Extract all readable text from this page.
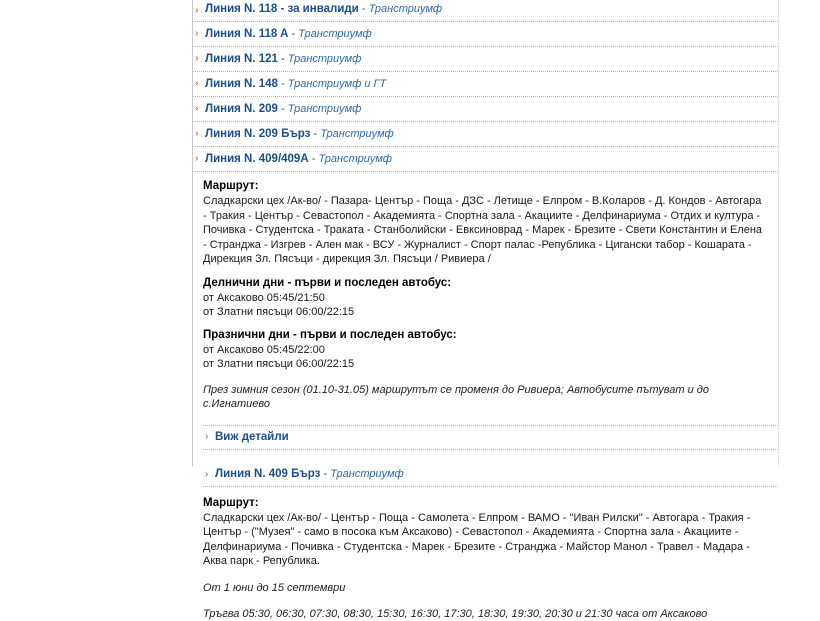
› Линия N. 118 - за инвалиди - Транстриумф
› Линия N. 118 A - Транстриумф
› Линия N. 121 - Транстриумф
› Линия N. 148 - Транстриумф и ГТ
› Линия N. 209 - Транстриумф
› Линия N. 209 Бърз - Транстриумф
› Линия N. 409/409А - Транстриумф
Маршрут:
Сладкарски цех /Ак-во/ - Пазара- Център - Поща - ДЗС - Летище - Елпром - В.Коларов - Д. Кондов - Автогара - Тракия - Център - Севастопол - Академията - Спортна зала - Акациите - Делфинариума - Отдих и култура - Почивка - Студентска - Траката - Станболийски - Евксиноврад - Марек - Брезите - Свети Константин и Елена - Странджа - Изгрев - Ален мак - ВСУ - Журналист - Спорт палас -Република - Цигански табор - Кошарата - Дирекция Зл. Пясъци - дирекция Зл. Пясъци / Ривиера /
Делнични дни - първи и последен автобус:
от Аксаково 05:45/21:50
от Златни пясъци 06:00/22:15
Празнични дни - първи и последен автобус:
от Аксаково 05:45/22:00
от Златни пясъци 06:00/22:15
През зимния сезон (01.10-31.05) маршрутът се променя до Ривиера; Автобусите пътуват и до с.Игнатиево
› Виж детайли
› Линия N. 409 Бърз - Транстриумф
Маршрут:
Сладкарски цех /Ак-во/ - Център - Поща - Самолета - Елпром - ВАМО - "Иван Рилски" - Автогара - Тракия - Център - ("Музея" - само в посока към Аксаково) - Севастопол - Академията - Спортна зала - Акациите - Делфинариума - Почивка - Студентска - Марек - Брезите - Странджа - Майстор Манол - Травел - Мадара - Аква парк - Република.
От 1 юни до 15 септември
Тръгва 05:30, 06:30, 07:30, 08:30, 15:30, 16:30, 17:30, 18:30, 19:30, 20:30 и 21:30 часа от Аксаково
